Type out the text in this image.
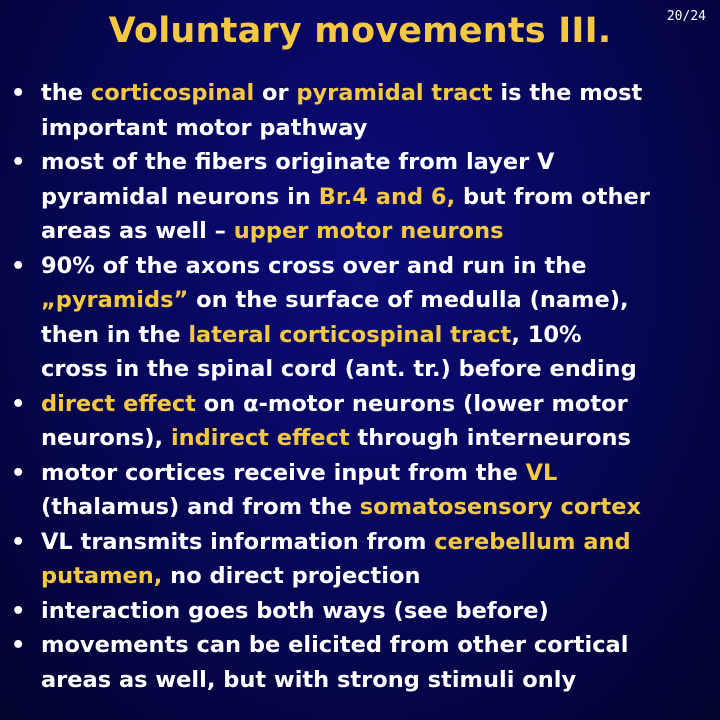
Voluntary movements III.	20/24
• the corticospinal or pyramidal tract is the most
important motor pathway
• most of the fibers originate from layer V
pyramidal neurons in Br.4 and 6, but from other
areas as well – upper motor neurons
• 90% of the axons cross over and run in the
„pyramids” on the surface of medulla (name),
then in the lateral corticospinal tract, 10%
cross in the spinal cord (ant. tr.) before ending
• direct effect on α-motor neurons (lower motor
neurons), indirect effect through interneurons
• motor cortices receive input from the VL
(thalamus) and from the somatosensory cortex
• VL transmits information from cerebellum and
putamen, no direct projection
• interaction goes both ways (see before)
• movements can be elicited from other cortical
areas as well, but with strong stimuli only
